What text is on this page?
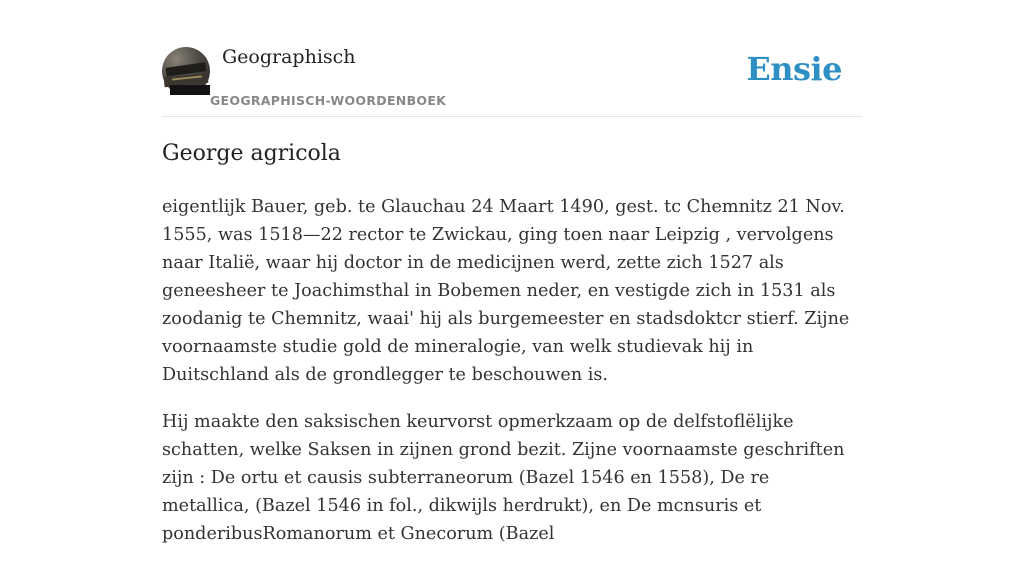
Geographisch
GEOGRAPHISCH-WOORDENBOEK
Ensie
George agricola

eigentlijk Bauer, geb. te Glauchau 24 Maart 1490, gest. tc Chemnitz 21 Nov. 1555, was 1518—22 rector te Zwickau, ging toen naar Leipzig , vervolgens naar Italië, waar hij doctor in de medicijnen werd, zette zich 1527 als geneesheer te Joachimsthal in Bobemen neder, en vestigde zich in 1531 als zoodanig te Chemnitz, waai' hij als burgemeester en stadsdoktcr stierf. Zijne voornaamste studie gold de mineralogie, van welk studievak hij in Duitschland als de grondlegger te beschouwen is.

Hij maakte den saksischen keurvorst opmerkzaam op de delfstoflëlijke schatten, welke Saksen in zijnen grond bezit. Zijne voornaamste geschriften zijn : De ortu et causis subterraneorum (Bazel 1546 en 1558), De re metallica, (Bazel 1546 in fol., dikwijls herdrukt), en De mcnsuris et ponderibusRomanorum et Gnecorum (Bazel
